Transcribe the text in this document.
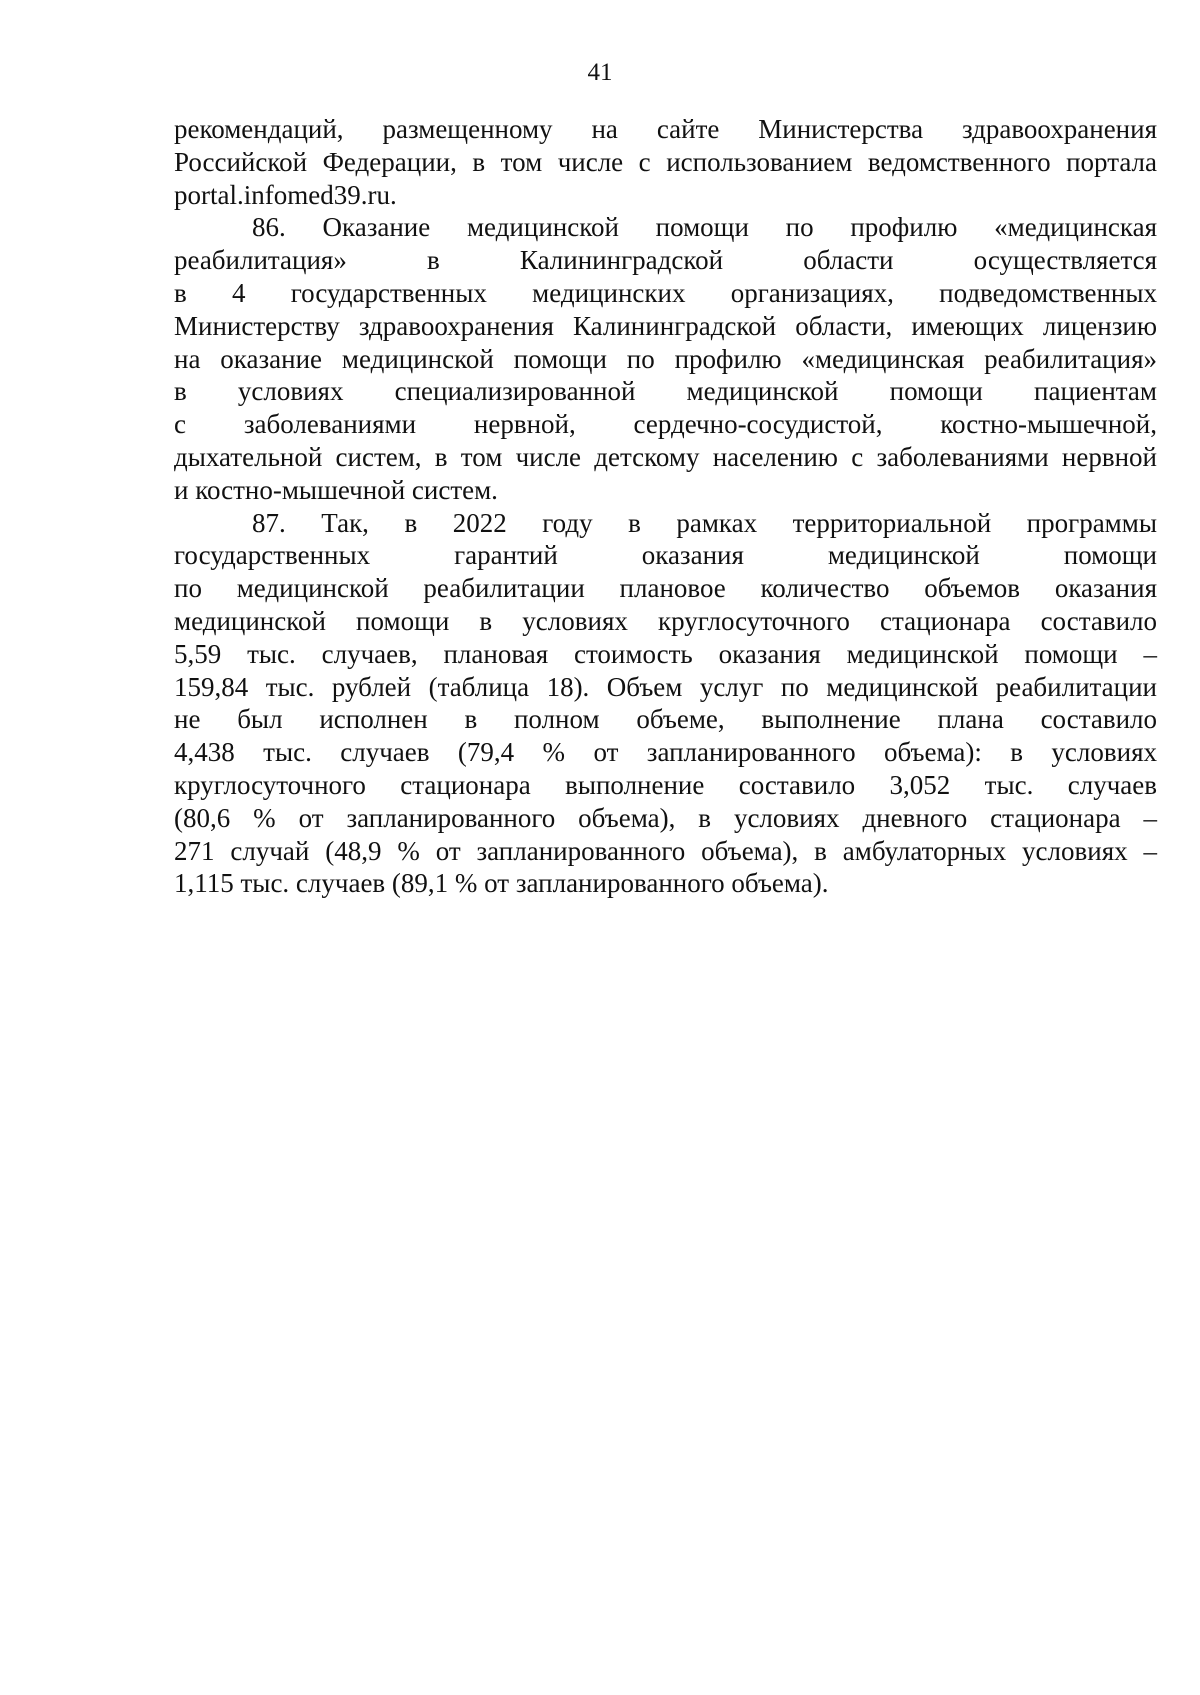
41
рекомендаций, размещенному на сайте Министерства здравоохранения
Российской Федерации, в том числе с использованием ведомственного портала
portal.infomed39.ru.
86. Оказание медицинской помощи по профилю «медицинская
реабилитация» в Калининградской области осуществляется
в 4 государственных медицинских организациях, подведомственных
Министерству здравоохранения Калининградской области, имеющих лицензию
на оказание медицинской помощи по профилю «медицинская реабилитация»
в условиях специализированной медицинской помощи пациентам
с заболеваниями нервной, сердечно-сосудистой, костно-мышечной,
дыхательной систем, в том числе детскому населению с заболеваниями нервной
и костно-мышечной систем.
87. Так, в 2022 году в рамках территориальной программы
государственных гарантий оказания медицинской помощи
по медицинской реабилитации плановое количество объемов оказания
медицинской помощи в условиях круглосуточного стационара составило
5,59 тыс. случаев, плановая стоимость оказания медицинской помощи –
159,84 тыс. рублей (таблица 18). Объем услуг по медицинской реабилитации
не был исполнен в полном объеме, выполнение плана составило
4,438 тыс. случаев (79,4 % от запланированного объема): в условиях
круглосуточного стационара выполнение составило 3,052 тыс. случаев
(80,6 % от запланированного объема), в условиях дневного стационара –
271 случай (48,9 % от запланированного объема), в амбулаторных условиях –
1,115 тыс. случаев (89,1 % от запланированного объема).
